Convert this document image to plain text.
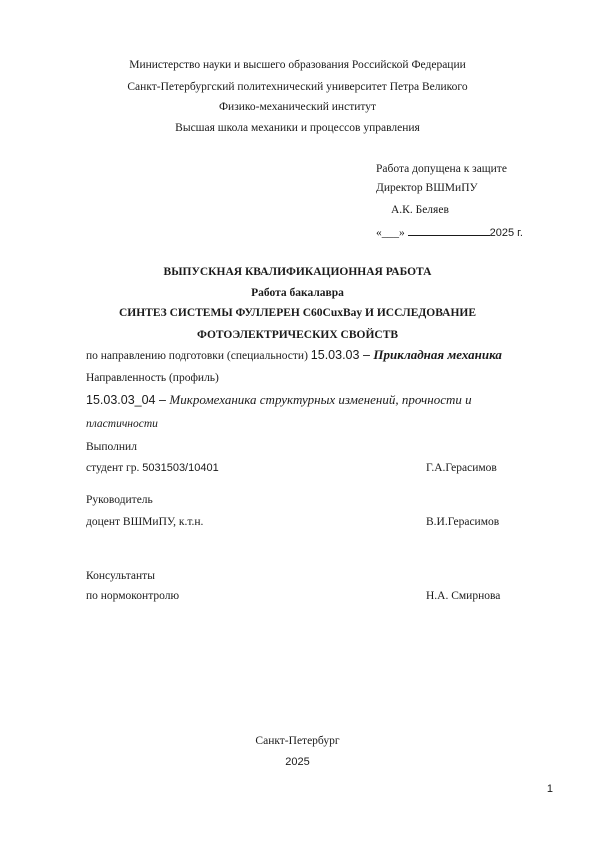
Министерство науки и высшего образования Российской Федерации
Санкт-Петербургский политехнический университет Петра Великого
Физико-механический институт
Высшая школа механики и процессов управления
Работа допущена к защите
Директор ВШМиПУ
А.К. Беляев
«___»	2025 г.
ВЫПУСКНАЯ КВАЛИФИКАЦИОННАЯ РАБОТА
Работа бакалавра
СИНТЕЗ СИСТЕМЫ ФУЛЛЕРЕН C60CuxBay И ИССЛЕДОВАНИЕ
ФОТОЭЛЕКТРИЧЕСКИХ СВОЙСТВ
по направлению подготовки (специальности) 15.03.03 – Прикладная механика
Направленность (профиль)
15.03.03_04 – Микромеханика структурных изменений, прочности и
пластичности
Выполнил
студент гр. 5031503/10401	Г.А.Герасимов
Руководитель
доцент ВШМиПУ, к.т.н.	В.И.Герасимов
Консультанты
по нормоконтролю	Н.А. Смирнова
Санкт-Петербург
2025
1
